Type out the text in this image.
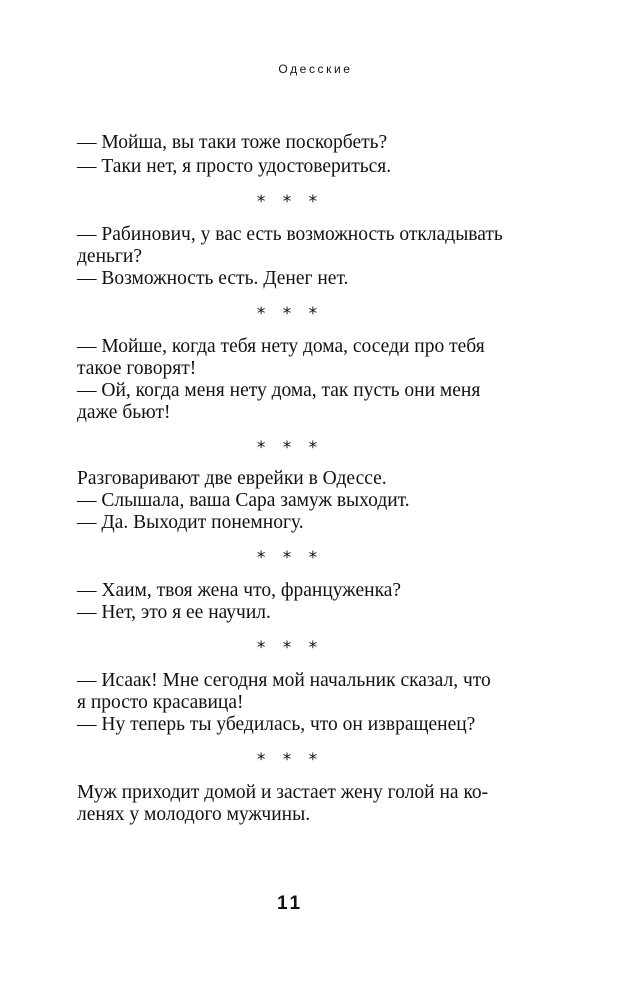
Одесские
— Мойша, вы таки тоже поскорбеть?
— Таки нет, я просто удостовериться.
* * *
— Рабинович, у вас есть возможность откладывать
деньги?
— Возможность есть. Денег нет.
* * *
— Мойше, когда тебя нету дома, соседи про тебя
такое говорят!
— Ой, когда меня нету дома, так пусть они меня
даже бьют!
* * *
Разговаривают две еврейки в Одессе.
— Слышала, ваша Сара замуж выходит.
— Да. Выходит понемногу.
* * *
— Хаим, твоя жена что, француженка?
— Нет, это я ее научил.
* * *
— Исаак! Мне сегодня мой начальник сказал, что
я просто красавица!
— Ну теперь ты убедилась, что он извращенец?
* * *
Муж приходит домой и застает жену голой на ко-
ленях у молодого мужчины.
11
